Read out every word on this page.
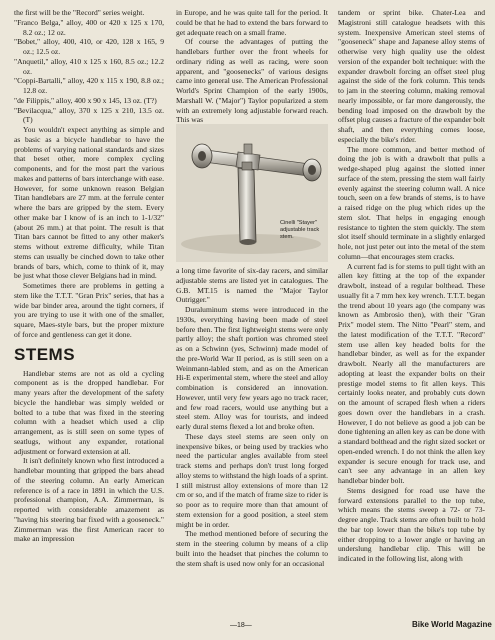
the first will be the "Record" series weight.

"Franco Belga," alloy, 400 or 420 x 125 x 170, 8.2 oz.; 12 oz.

"Bobet," alloy, 400, 410, or 420, 128 x 165, 9 oz.; 12.5 oz.

"Anquetil," alloy, 410 x 125 x 160, 8.5 oz.; 12.2 oz.

"Coppi-Bartalli," alloy, 420 x 115 x 190, 8.8 oz.; 12.8 oz.

"de Filippis," alloy, 400 x 90 x 145, 13 oz. (T?)

"Bevilacqua," alloy, 370 x 125 x 210, 13.5 oz. (T)

You wouldn't expect anything as simple and as basic as a bicycle handlebar to have the problems of varying national standards and sizes that beset other, more complex cycling components, and for the most part the various makes and patterns of bars interchange with ease. However, for some unknown reason Belgian Titan handlebars are 27 mm. at the ferrule center where the bars are gripped by the stem. Every other make bar I know of is an inch to 1-1/32" (about 26 mm.) at that point. The result is that Titan bars cannot be fitted to any other maker's stems without extreme difficulty, while Titan stems can usually be cinched down to take other brands of bars, which, come to think of it, may be just what those clever Belgians had in mind.

Sometimes there are problems in getting a stem like the T.T.T. "Gran Prix" series, that has a wide bar binder area, around the tight corners, if you are trying to use it with one of the smaller, square, Maes-style bars, but the proper mixture of force and gentleness can get it done.

STEMS

Handlebar stems are not as old a cycling component as is the dropped handlebar. For many years after the development of the safety bicycle the handlebar was simply welded or bolted to a tube that was fixed in the steering column with a headset which used a clip arrangement, as is still seen on some types of seatlugs, without any expander, rotational adjustment or forward extension at all.

It isn't definitely known who first introduced a handlebar mounting that gripped the bars ahead of the steering column. An early American reference is of a race in 1891 in which the U.S. professional champion, A.A. Zimmerman, is reported with considerable amazement as "having his steering bar fixed with a gooseneck." Zimmerman was the first American racer to make an impression

in Europe, and he was quite tall for the period. It could be that he had to extend the bars forward to get adequate reach on a small frame.

Of course the advantages of putting the handlebars further over the front wheels for ordinary riding as well as racing, were soon apparent, and "goosenecks" of various designs came into general use. The American Professional World's Sprint Champion of the early 1900s, Marshall W. ("Major") Taylor popularized a stem with an extremely long adjustable forward reach. This was

a long time favorite of six-day racers, and similar adjustable stems are listed yet in catalogues. The G.B. MT.15 is named the "Major Taylor Outrigger."

Duraluminum stems were introduced in the 1930s, everything having been made of steel before then. The first lightweight stems were only partly alloy; the shaft portion was chromed steel as on a Schwinn (yes, Schwinn) made model of the pre-World War II period, as is still seen on a Weinmann-labled stem, and as on the American Hi-E experimental stem, where the steel and alloy combination is considered an innovation. However, until very few years ago no track racer, and few road racers, would use anything but a steel stem. Alloy was for tourists, and indeed early dural stems flexed a lot and broke often.

These days steel stems are seen only on inexpensive bikes, or being used by trackies who need the particular angles available from steel track stems and perhaps don't trust long forged alloy stems to withstand the high loads of a sprint. I still mistrust alloy extensions of more than 12 cm or so, and if the match of frame size to rider is so poor as to require more than that amount of stem extension for a good position, a steel stem might be in order.

The method mentioned before of securing the stem in the steering column by means of a clip built into the headset that pinches the column to the stem shaft is used now only for an occasional

Cinelli "Stayer" adjustable track stem.

tandem or sprint bike. Chater-Lea and Magistroni still catalogue headsets with this system. Inexpensive American steel stems of "gooseneck" shape and Japanese alloy stems of otherwise very high quality use the oldest version of the expander bolt technique: with the expander drawbolt forcing an offset steel plug against the side of the fork column. This tends to jam in the steering column, making removal nearly impossible, or far more dangerously, the bending load imposed on the drawbolt by the offset plug causes a fracture of the expander bolt shaft, and then everything comes loose, especially the bike's rider.

The more common, and better method of doing the job is with a drawbolt that pulls a wedge-shaped plug against the slotted inner surface of the stem, pressing the stem wall fairly evenly against the steering column wall. A nice touch, seen on a few brands of stems, is to have a raised ridge on the plug which rides up the stem slot. That helps in engaging enough resistance to tighten the stem quickly. The stem slot itself should terminate in a slightly enlarged hole, not just peter out into the metal of the stem column—that encourages stem cracks.

A current fad is for stems to pull tight with an allen key fitting at the top of the expander drawbolt, instead of a regular bolthead. These usually fit a 7 mm hex key wrench. T.T.T. began the trend about 10 years ago (the company was known as Ambrosio then), with their "Gran Prix" model stem. The Nitto "Pearl" stem, and the latest modification of the T.T.T. "Record" stem use allen key headed bolts for the handlebar binder, as well as for the expander drawbolt. Nearly all the manufacturers are adopting at least the expander bolts on their prestige model stems to fit allen keys. This certainly looks neater, and probably cuts down on the amount of scraped flesh when a riders goes down over the handlebars in a crash. However, I do not believe as good a job can be done tightening an allen key as can be done with a standard bolthead and the right sized socket or open-ended wrench. I do not think the allen key expander is secure enough for track use, and can't see any advantage in an allen key handlebar binder bolt.

Stems designed for road use have the forward extensions parallel to the top tube, which means the stems sweep a 72- or 73-degree angle. Track stems are often built to hold the bar top lower than the bike's top tube by either dropping to a lower angle or having an underslung handlebar clip. This will be indicated in the following list, along with

—18—	Bike World Magazine
